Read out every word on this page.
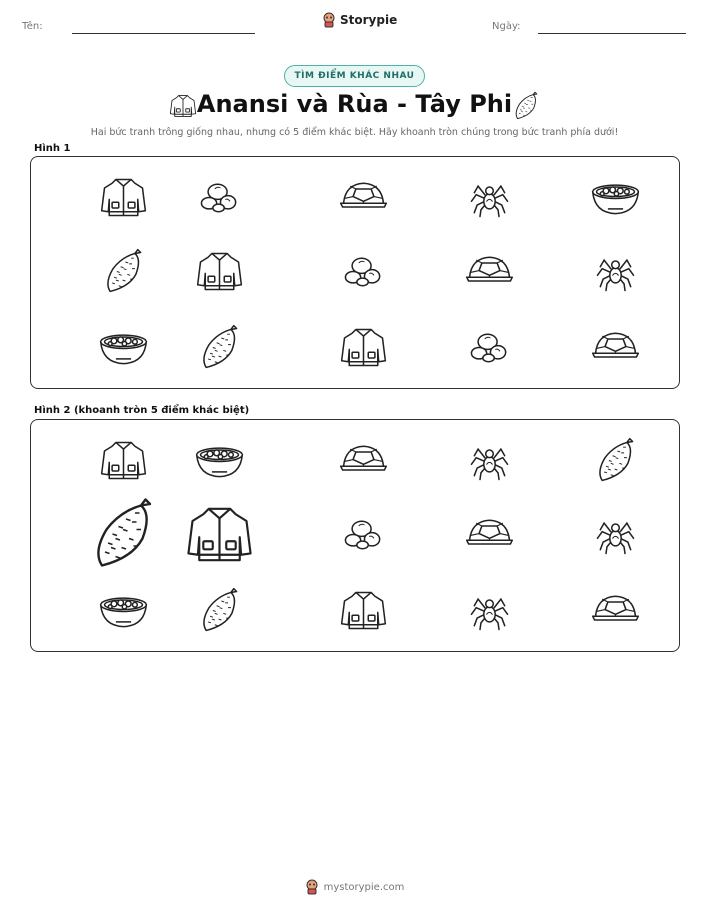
Tên:	Storypie	Ngày:
TÌM ĐIỂM KHÁC NHAU
Anansi và Rùa - Tây Phi
Hai bức tranh trông giống nhau, nhưng có 5 điểm khác biệt. Hãy khoanh tròn chúng trong bức tranh phía dưới!
Hình 1
Hình 2 (khoanh tròn 5 điểm khác biệt)
mystorypie.com
